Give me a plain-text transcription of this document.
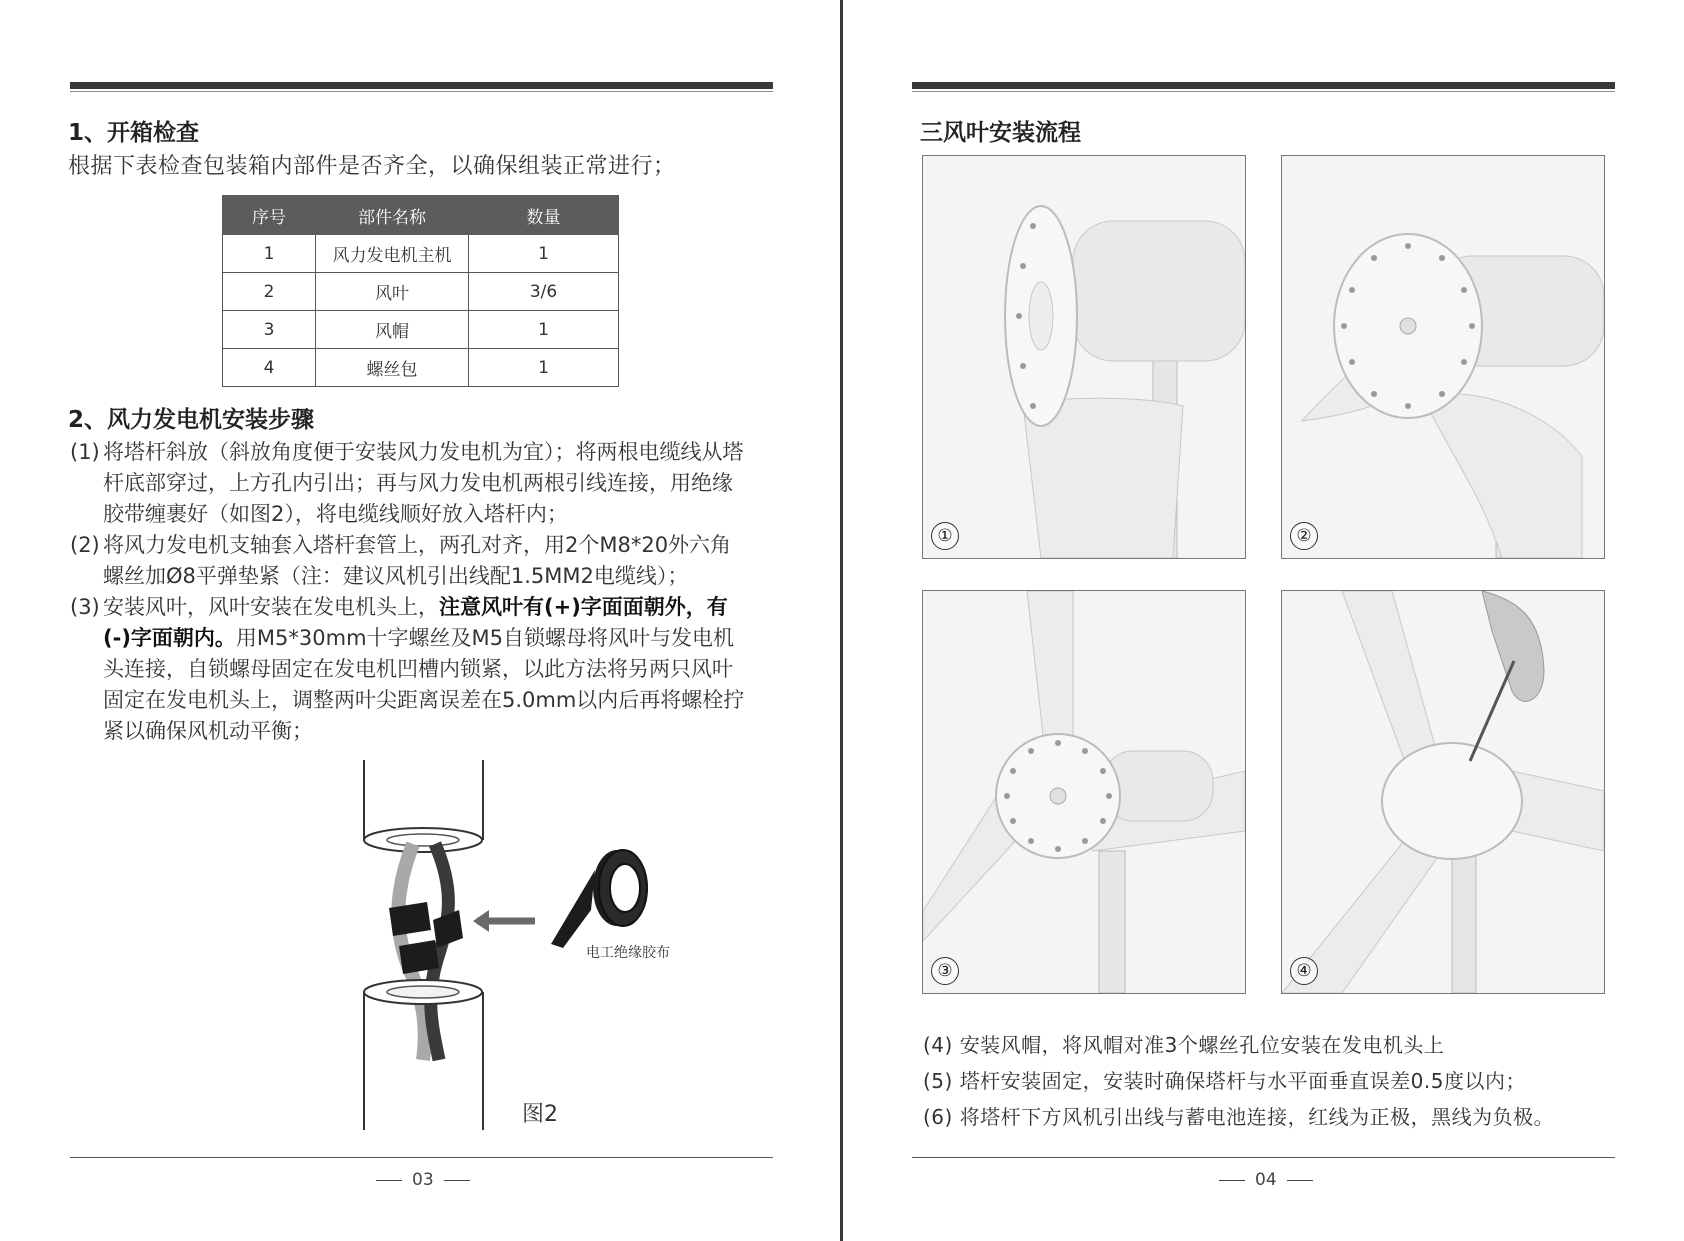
1、开箱检查
根据下表检查包装箱内部件是否齐全，以确保组装正常进行；
序号	部件名称	数量
1	风力发电机主机	1
2	风叶	3/6
3	风帽	1
4	螺丝包	1
2、风力发电机安装步骤
(1) 将塔杆斜放（斜放角度便于安装风力发电机为宜）；将两根电缆线从塔杆底部穿过，上方孔内引出；再与风力发电机两根引线连接，用绝缘胶带缠裹好（如图2），将电缆线顺好放入塔杆内；
(2) 将风力发电机支轴套入塔杆套管上，两孔对齐，用2个M8*20外六角螺丝加Ø8平弹垫紧（注：建议风机引出线配1.5MM2电缆线）；
(3) 安装风叶，风叶安装在发电机头上，注意风叶有(+)字面面朝外，有(-)字面朝内。用M5*30mm十字螺丝及M5自锁螺母将风叶与发电机头连接，自锁螺母固定在发电机凹槽内锁紧，以此方法将另两只风叶固定在发电机头上，调整两叶尖距离误差在5.0mm以内后再将螺栓拧紧以确保风机动平衡；
电工绝缘胶布
图2
03
三风叶安装流程
①	②
③	④
(4) 安装风帽，将风帽对准3个螺丝孔位安装在发电机头上
(5) 塔杆安装固定，安装时确保塔杆与水平面垂直误差0.5度以内；
(6) 将塔杆下方风机引出线与蓄电池连接，红线为正极，黑线为负极。
04
